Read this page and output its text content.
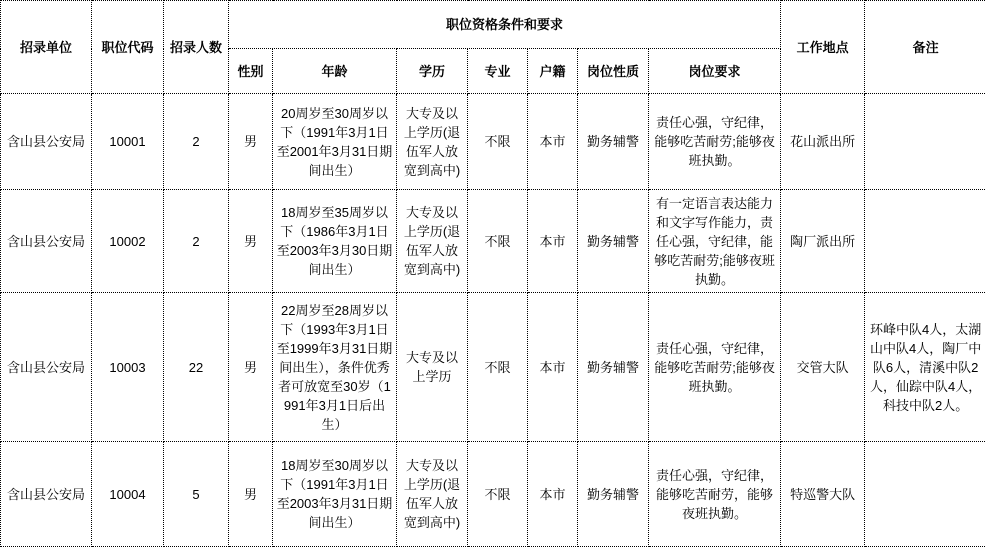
招录单位	职位代码	招录人数	职位资格条件和要求							工作地点	备注
			性别	年龄	学历	专业	户籍	岗位性质	岗位要求		
含山县公安局	10001	2	男	20周岁至30周岁以下（1991年3月1日至2001年3月31日期间出生）	大专及以上学历(退伍军人放宽到高中)	不限	本市	勤务辅警	责任心强，守纪律，能够吃苦耐劳;能够夜班执勤。	花山派出所	
含山县公安局	10002	2	男	18周岁至35周岁以下（1986年3月1日至2003年3月30日期间出生）	大专及以上学历(退伍军人放宽到高中)	不限	本市	勤务辅警	有一定语言表达能力和文字写作能力，责任心强，守纪律，能够吃苦耐劳;能够夜班执勤。	陶厂派出所	
含山县公安局	10003	22	男	22周岁至28周岁以下（1993年3月1日至1999年3月31日期间出生），条件优秀者可放宽至30岁（1991年3月1日后出生）	大专及以上学历	不限	本市	勤务辅警	责任心强，守纪律，能够吃苦耐劳;能够夜班执勤。	交管大队	环峰中队4人，太湖山中队4人，陶厂中队6人，清溪中队2人，仙踪中队4人，科技中队2人。
含山县公安局	10004	5	男	18周岁至30周岁以下（1991年3月1日至2003年3月31日期间出生）	大专及以上学历(退伍军人放宽到高中)	不限	本市	勤务辅警	责任心强，守纪律，能够吃苦耐劳，能够夜班执勤。	特巡警大队	
